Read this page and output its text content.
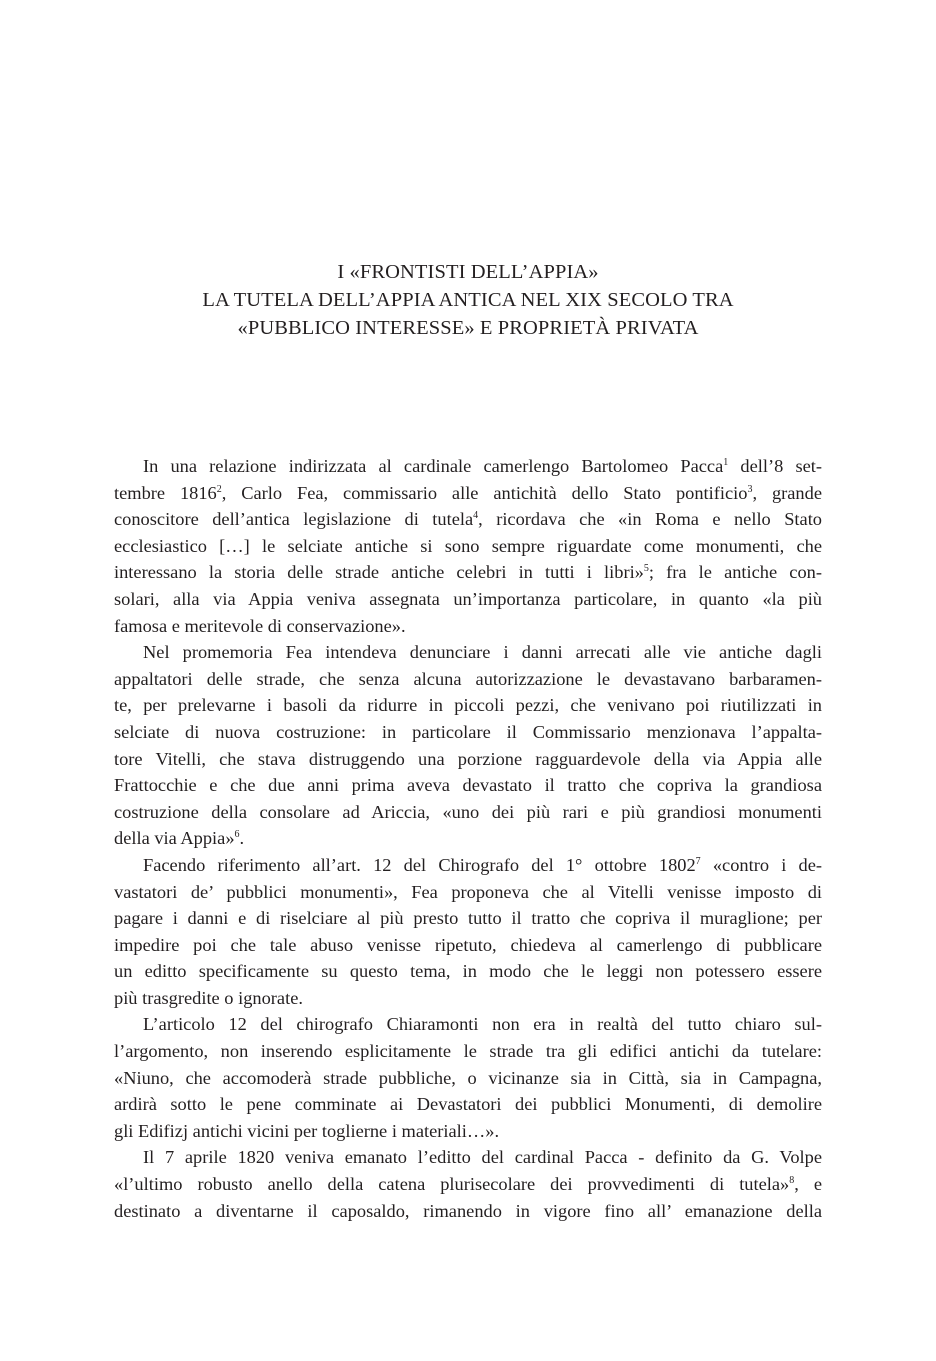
I «FRONTISTI DELL’APPIA»
LA TUTELA DELL’APPIA ANTICA NEL XIX SECOLO TRA
«PUBBLICO INTERESSE» E PROPRIETÀ PRIVATA
In una relazione indirizzata al cardinale camerlengo Bartolomeo Pacca$^1$ dell’8 set-
tembre 1816$^2$, Carlo Fea, commissario alle antichità dello Stato pontificio$^3$, grande
conoscitore dell’antica legislazione di tutela$^4$, ricordava che «in Roma e nello Stato
ecclesiastico […] le selciate antiche si sono sempre riguardate come monumenti, che
interessano la storia delle strade antiche celebri in tutti i libri»$^5$; fra le antiche con-
solari, alla via Appia veniva assegnata un’importanza particolare, in quanto «la più
famosa e meritevole di conservazione».
Nel promemoria Fea intendeva denunciare i danni arrecati alle vie antiche dagli
appaltatori delle strade, che senza alcuna autorizzazione le devastavano barbaramen-
te, per prelevarne i basoli da ridurre in piccoli pezzi, che venivano poi riutilizzati in
selciate di nuova costruzione: in particolare il Commissario menzionava l’appalta-
tore Vitelli, che stava distruggendo una porzione ragguardevole della via Appia alle
Frattocchie e che due anni prima aveva devastato il tratto che copriva la grandiosa
costruzione della consolare ad Ariccia, «uno dei più rari e più grandiosi monumenti
della via Appia»$^6$.
Facendo riferimento all’art. 12 del Chirografo del 1° ottobre 1802$^7$ «contro i de-
vastatori de’ pubblici monumenti», Fea proponeva che al Vitelli venisse imposto di
pagare i danni e di riselciare al più presto tutto il tratto che copriva il muraglione; per
impedire poi che tale abuso venisse ripetuto, chiedeva al camerlengo di pubblicare
un editto specificamente su questo tema, in modo che le leggi non potessero essere
più trasgredite o ignorate.
L’articolo 12 del chirografo Chiaramonti non era in realtà del tutto chiaro sul-
l’argomento, non inserendo esplicitamente le strade tra gli edifici antichi da tutelare:
«Niuno, che accomoderà strade pubbliche, o vicinanze sia in Città, sia in Campagna,
ardirà sotto le pene comminate ai Devastatori dei pubblici Monumenti, di demolire
gli Edifizj antichi vicini per toglierne i materiali…».
Il 7 aprile 1820 veniva emanato l’editto del cardinal Pacca - definito da G. Volpe
«l’ultimo robusto anello della catena plurisecolare dei provvedimenti di tutela»$^8$, e
destinato a diventarne il caposaldo, rimanendo in vigore fino all’ emanazione della
